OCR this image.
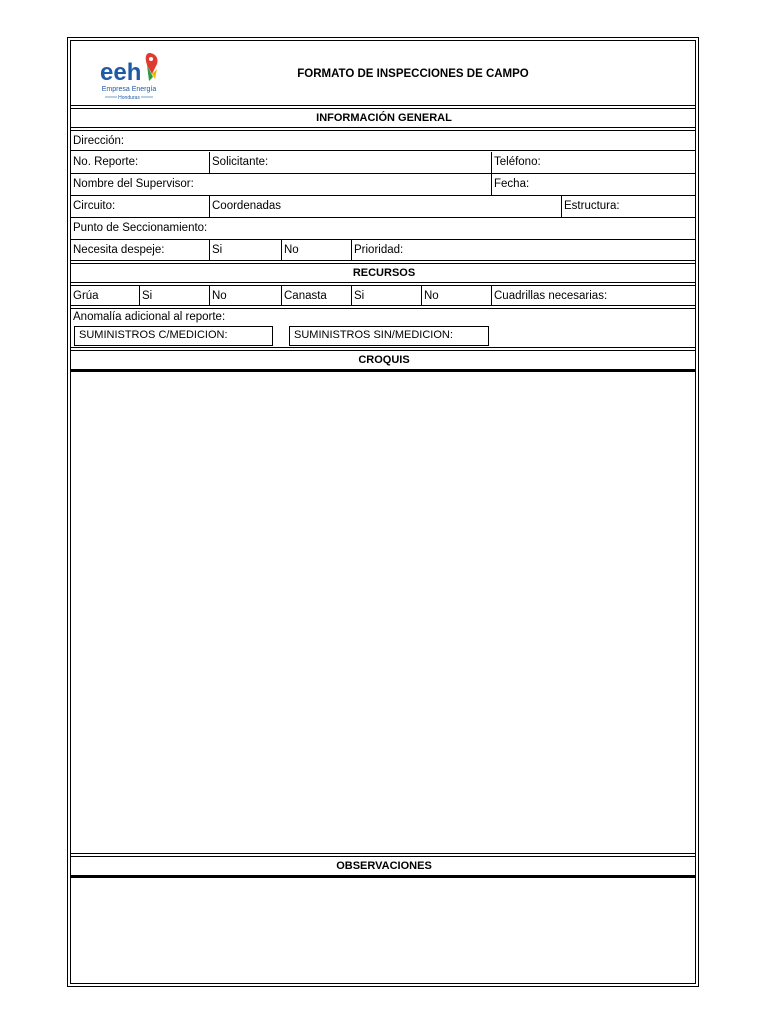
eeh
Empresa Energía
Honduras
FORMATO DE INSPECCIONES DE CAMPO
INFORMACIÓN GENERAL
Dirección:
No. Reporte:	Solicitante:	Teléfono:
Nombre del Supervisor:	Fecha:
Circuito:	Coordenadas	Estructura:
Punto de Seccionamiento:
Necesita despeje:	Si	No	Prioridad:
RECURSOS
Grúa	Si	No	Canasta	Si	No	Cuadrillas necesarias:
Anomalía adicional al reporte:
SUMINISTROS C/MEDICION:	SUMINISTROS SIN/MEDICION:
CROQUIS
OBSERVACIONES
